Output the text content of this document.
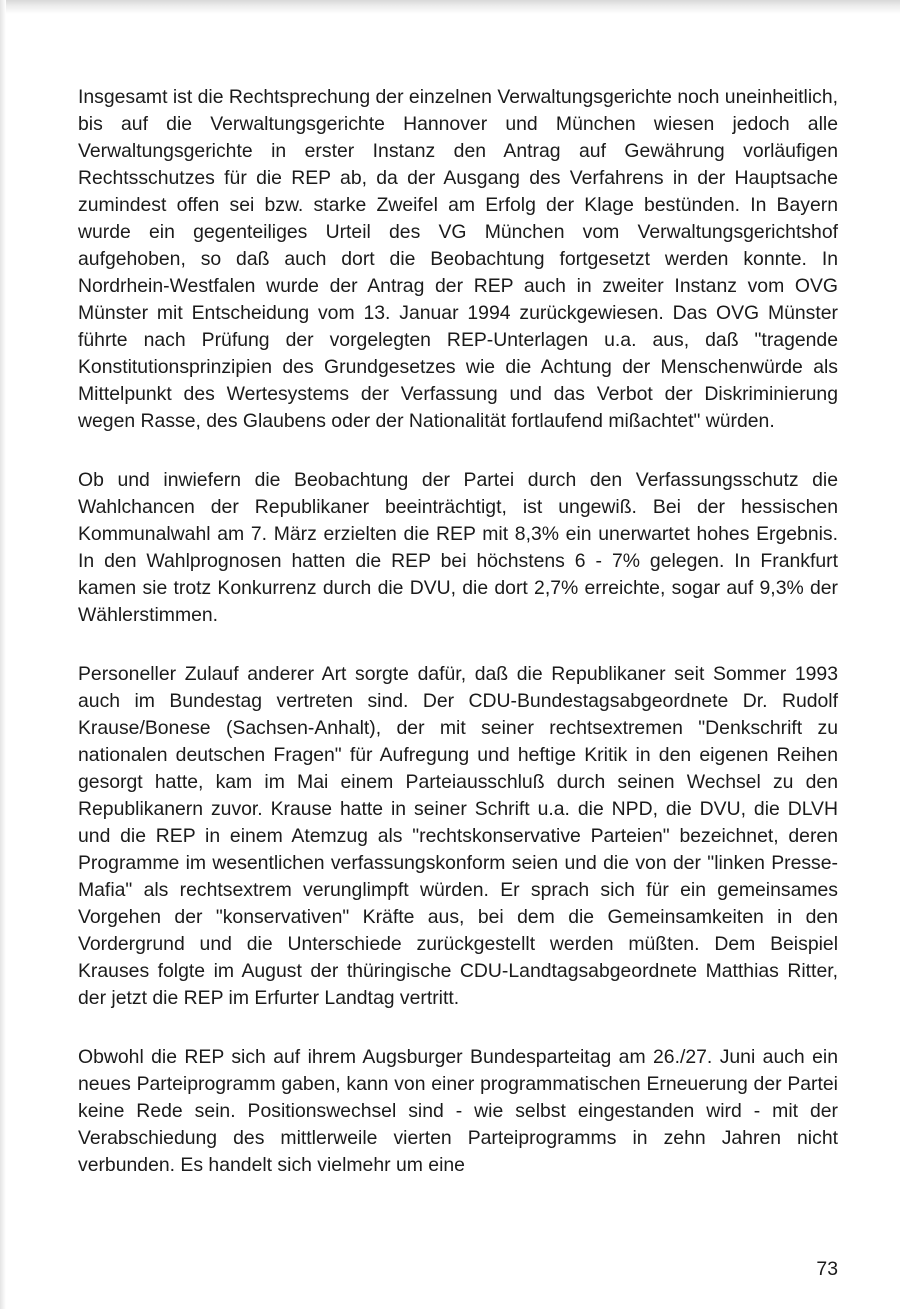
Insgesamt ist die Rechtsprechung der einzelnen Verwaltungsgerichte noch uneinheitlich, bis auf die Verwaltungsgerichte Hannover und München wiesen jedoch alle Verwaltungsgerichte in erster Instanz den Antrag auf Gewährung vorläufigen Rechtsschutzes für die REP ab, da der Ausgang des Verfahrens in der Hauptsache zumindest offen sei bzw. starke Zweifel am Erfolg der Klage bestünden. In Bayern wurde ein gegenteiliges Urteil des VG München vom Verwaltungsgerichtshof aufgehoben, so daß auch dort die Beobachtung fortgesetzt werden konnte. In Nordrhein-Westfalen wurde der Antrag der REP auch in zweiter Instanz vom OVG Münster mit Entscheidung vom 13. Januar 1994 zurückgewiesen. Das OVG Münster führte nach Prüfung der vorgelegten REP-Unterlagen u.a. aus, daß "tragende Konstitutionsprinzipien des Grundgesetzes wie die Achtung der Menschenwürde als Mittelpunkt des Wertesystems der Verfassung und das Verbot der Diskriminierung wegen Rasse, des Glaubens oder der Nationalität fortlaufend mißachtet" würden.

Ob und inwiefern die Beobachtung der Partei durch den Verfassungsschutz die Wahlchancen der Republikaner beeinträchtigt, ist ungewiß. Bei der hessischen Kommunalwahl am 7. März erzielten die REP mit 8,3% ein unerwartet hohes Ergebnis. In den Wahlprognosen hatten die REP bei höchstens 6 - 7% gelegen. In Frankfurt kamen sie trotz Konkurrenz durch die DVU, die dort 2,7% erreichte, sogar auf 9,3% der Wählerstimmen.

Personeller Zulauf anderer Art sorgte dafür, daß die Republikaner seit Sommer 1993 auch im Bundestag vertreten sind. Der CDU-Bundestagsabgeordnete Dr. Rudolf Krause/Bonese (Sachsen-Anhalt), der mit seiner rechtsextremen "Denkschrift zu nationalen deutschen Fragen" für Aufregung und heftige Kritik in den eigenen Reihen gesorgt hatte, kam im Mai einem Parteiausschluß durch seinen Wechsel zu den Republikanern zuvor. Krause hatte in seiner Schrift u.a. die NPD, die DVU, die DLVH und die REP in einem Atemzug als "rechtskonservative Parteien" bezeichnet, deren Programme im wesentlichen verfassungskonform seien und die von der "linken Presse-Mafia" als rechtsextrem verunglimpft würden. Er sprach sich für ein gemeinsames Vorgehen der "konservativen" Kräfte aus, bei dem die Gemeinsamkeiten in den Vordergrund und die Unterschiede zurückgestellt werden müßten. Dem Beispiel Krauses folgte im August der thüringische CDU-Landtagsabgeordnete Matthias Ritter, der jetzt die REP im Erfurter Landtag vertritt.

Obwohl die REP sich auf ihrem Augsburger Bundesparteitag am 26./27. Juni auch ein neues Parteiprogramm gaben, kann von einer programmatischen Erneuerung der Partei keine Rede sein. Positionswechsel sind - wie selbst eingestanden wird - mit der Verabschiedung des mittlerweile vierten Parteiprogramms in zehn Jahren nicht verbunden. Es handelt sich vielmehr um eine

73
